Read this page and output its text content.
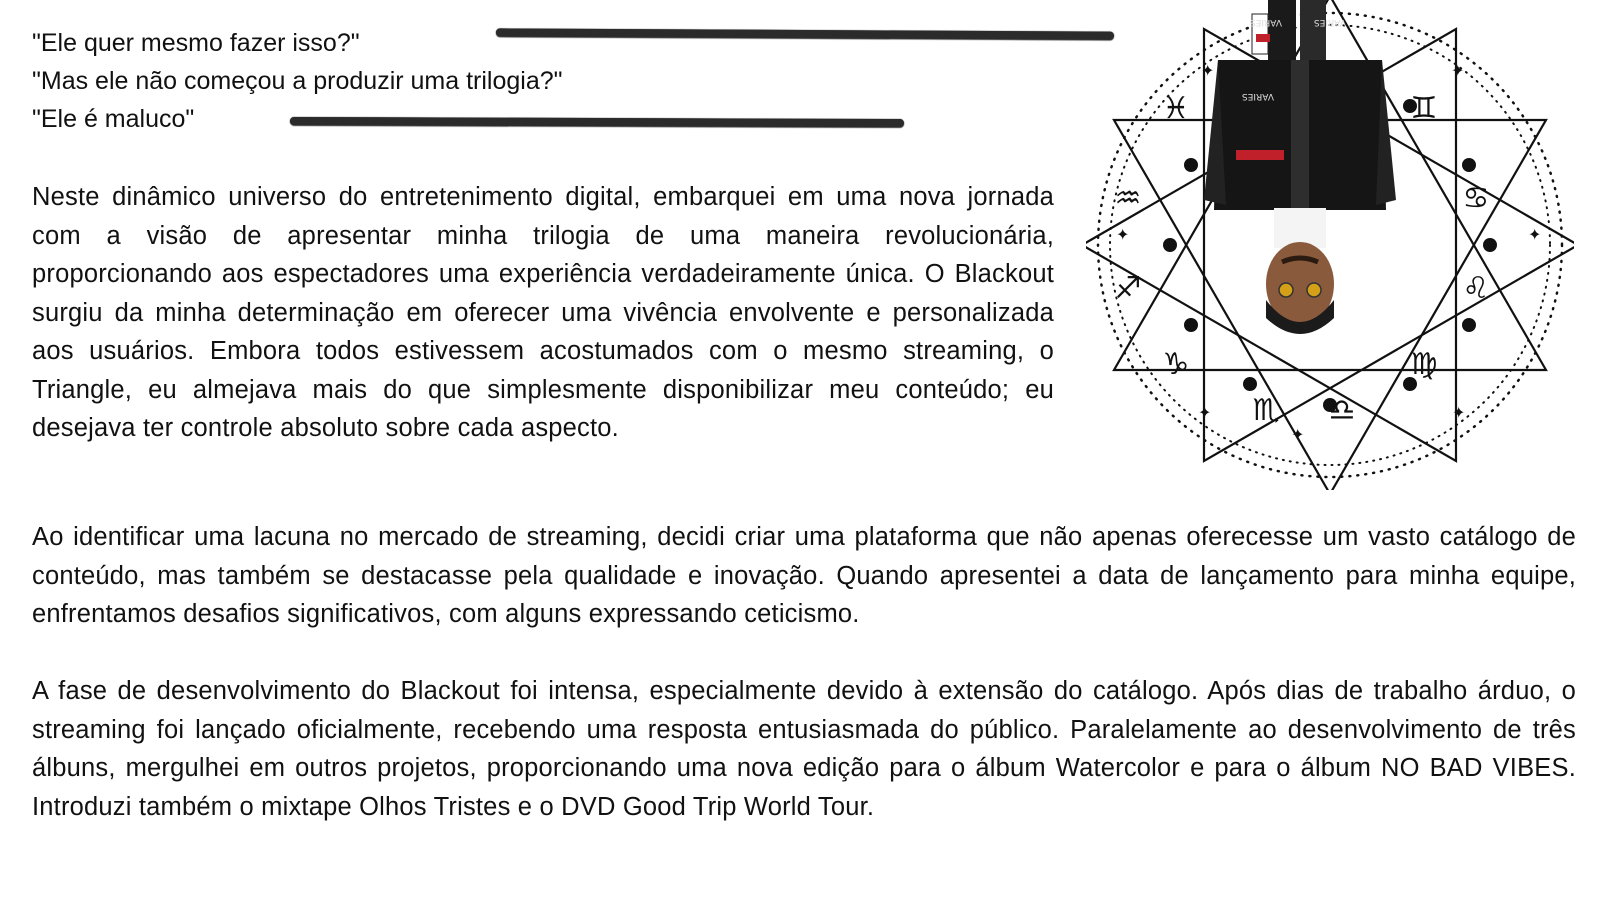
"Ele quer mesmo fazer isso?"
"Mas ele não começou a produzir uma trilogia?"
"Ele é maluco"

Neste dinâmico universo do entretenimento digital, embarquei em uma nova jornada com a visão de apresentar minha trilogia de uma maneira revolucionária, proporcionando aos espectadores uma experiência verdadeiramente única. O Blackout surgiu da minha determinação em oferecer uma vivência envolvente e personalizada aos usuários. Embora todos estivessem acostumados com o mesmo streaming, o Triangle, eu almejava mais do que simplesmente disponibilizar meu conteúdo; eu desejava ter controle absoluto sobre cada aspecto.

Ao identificar uma lacuna no mercado de streaming, decidi criar uma plataforma que não apenas oferecesse um vasto catálogo de conteúdo, mas também se destacasse pela qualidade e inovação. Quando apresentei a data de lançamento para minha equipe, enfrentamos desafios significativos, com alguns expressando ceticismo.

A fase de desenvolvimento do Blackout foi intensa, especialmente devido à extensão do catálogo. Após dias de trabalho árduo, o streaming foi lançado oficialmente, recebendo uma resposta entusiasmada do público. Paralelamente ao desenvolvimento de três álbuns, mergulhei em outros projetos, proporcionando uma nova edição para o álbum Watercolor e para o álbum NO BAD VIBES. Introduzi também o mixtape Olhos Tristes e o DVD Good Trip World Tour.

✦	✦
✦	✦
✦	✦
✦
♓	♊
♒	♋
♐	♌
♑	♍
♏ ♎
VARIES
VARIES
VARIES
